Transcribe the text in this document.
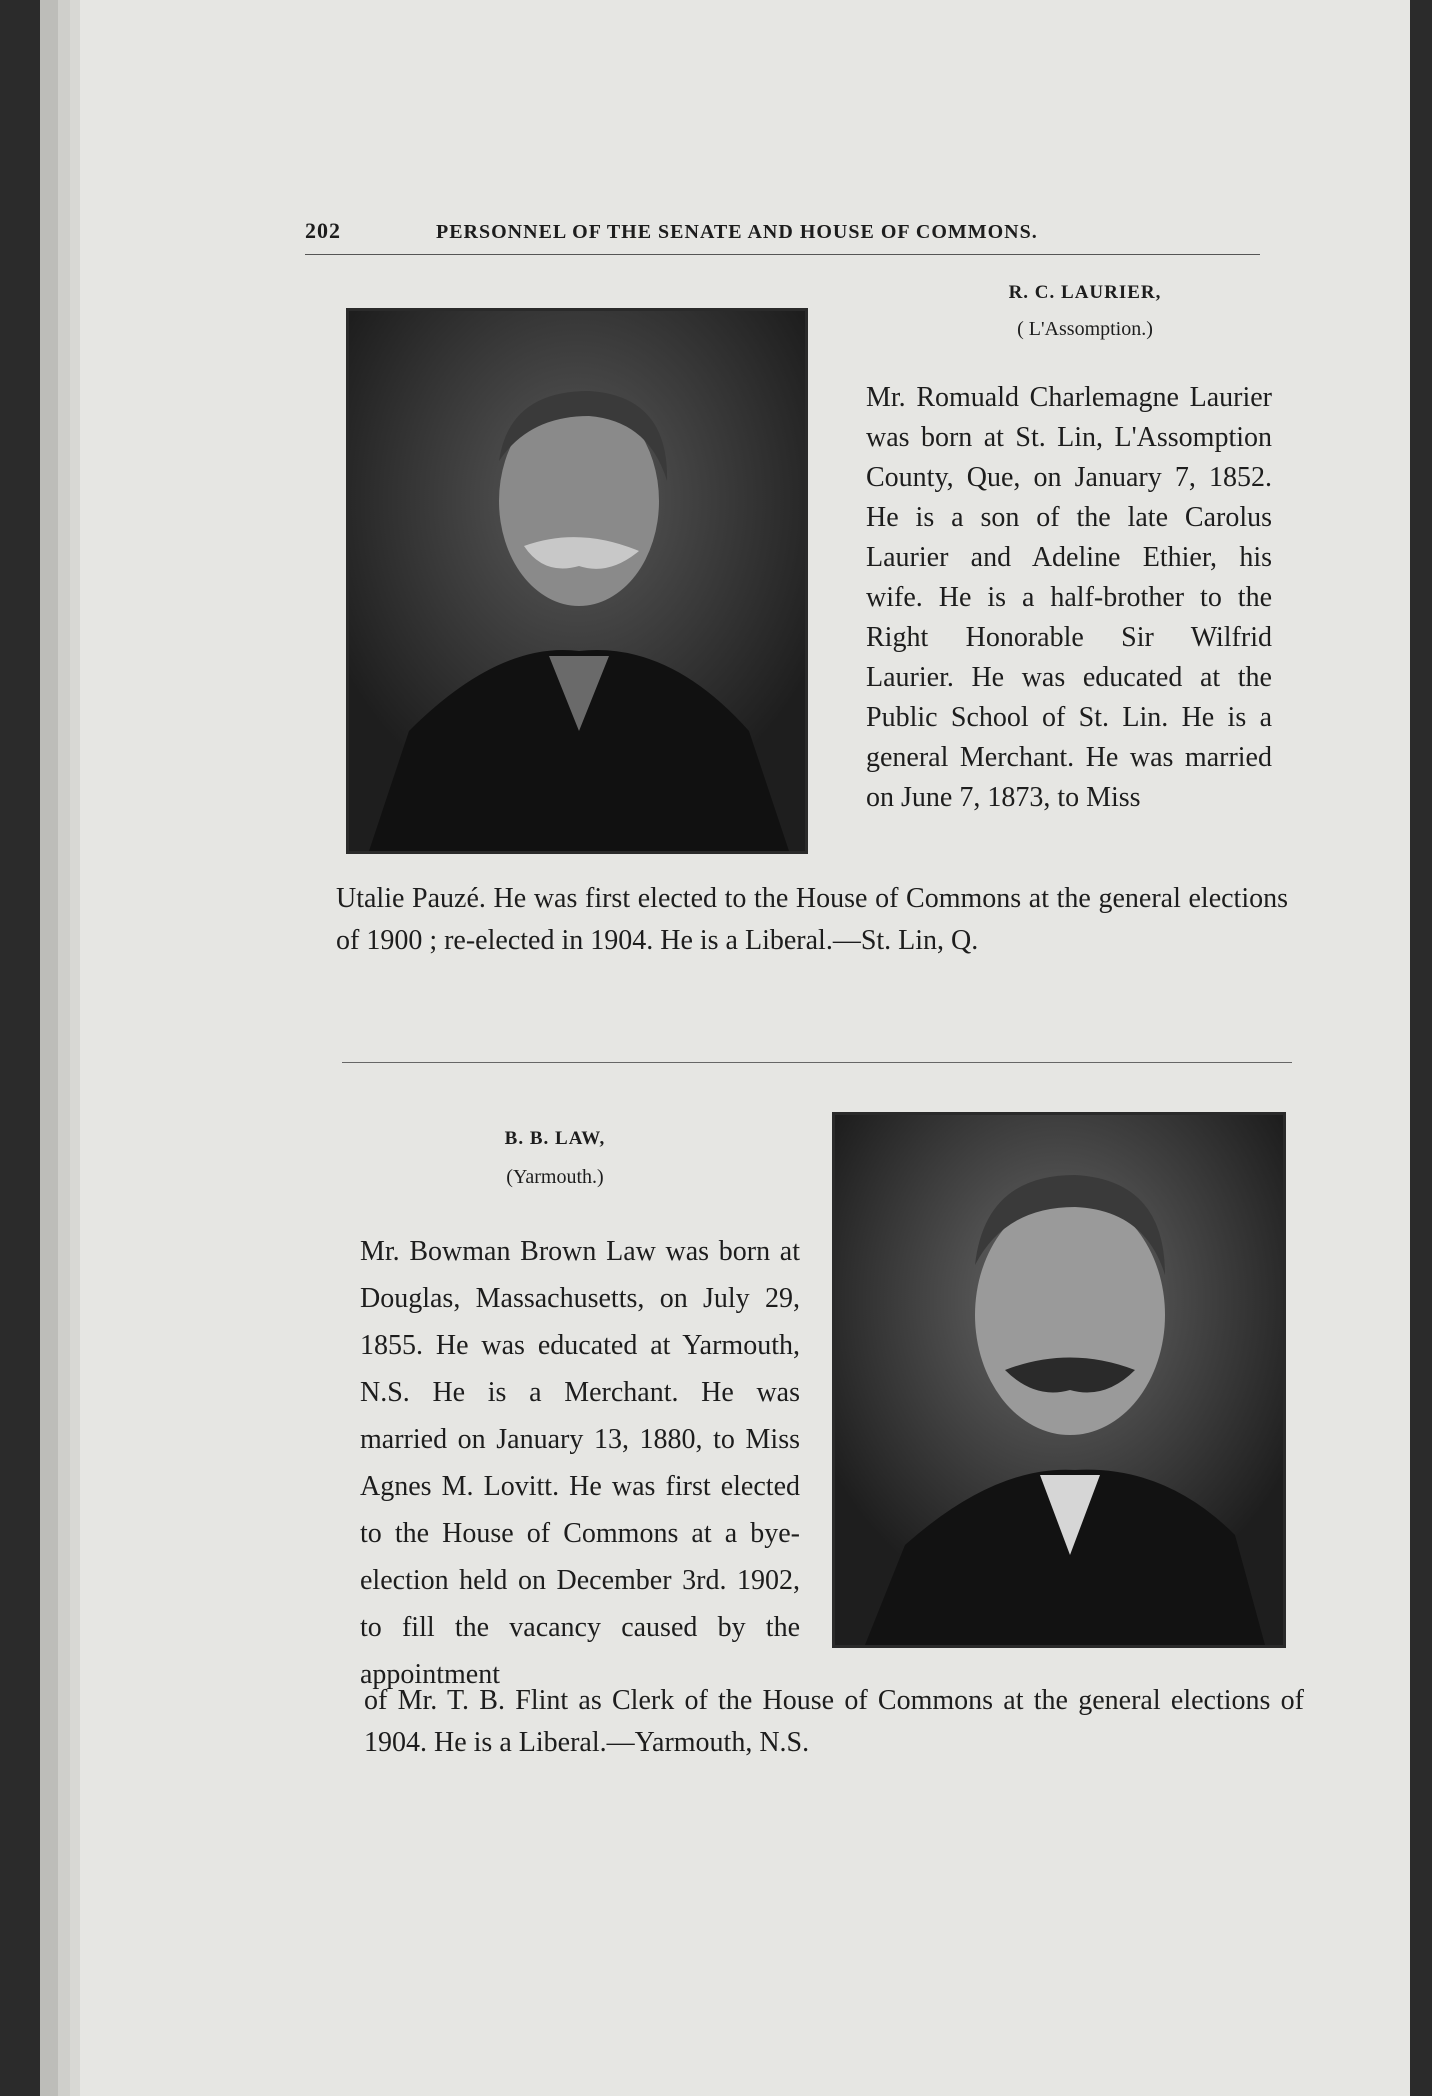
202	PERSONNEL OF THE SENATE AND HOUSE OF COMMONS.
R. C. LAURIER,
( L'Assomption.)
Mr. Romuald Charlemagne Laurier was born at St. Lin, L'Assomption County, Que, on January 7, 1852. He is a son of the late Carolus Laurier and Adeline Ethier, his wife. He is a half-brother to the Right Honorable Sir Wilfrid Laurier. He was educated at the Public School of St. Lin. He is a general Merchant. He was married on June 7, 1873, to Miss
Utalie Pauzé. He was first elected to the House of Commons at the general elections of 1900 ; re-elected in 1904. He is a Liberal.—St. Lin, Q.
B. B. LAW,
(Yarmouth.)
Mr. Bowman Brown Law was born at Douglas, Massachusetts, on July 29, 1855. He was educated at Yarmouth, N.S. He is a Merchant. He was married on January 13, 1880, to Miss Agnes M. Lovitt. He was first elected to the House of Commons at a bye-election held on December 3rd. 1902, to fill the vacancy caused by the appointment
of Mr. T. B. Flint as Clerk of the House of Commons at the general elections of 1904. He is a Liberal.—Yarmouth, N.S.
